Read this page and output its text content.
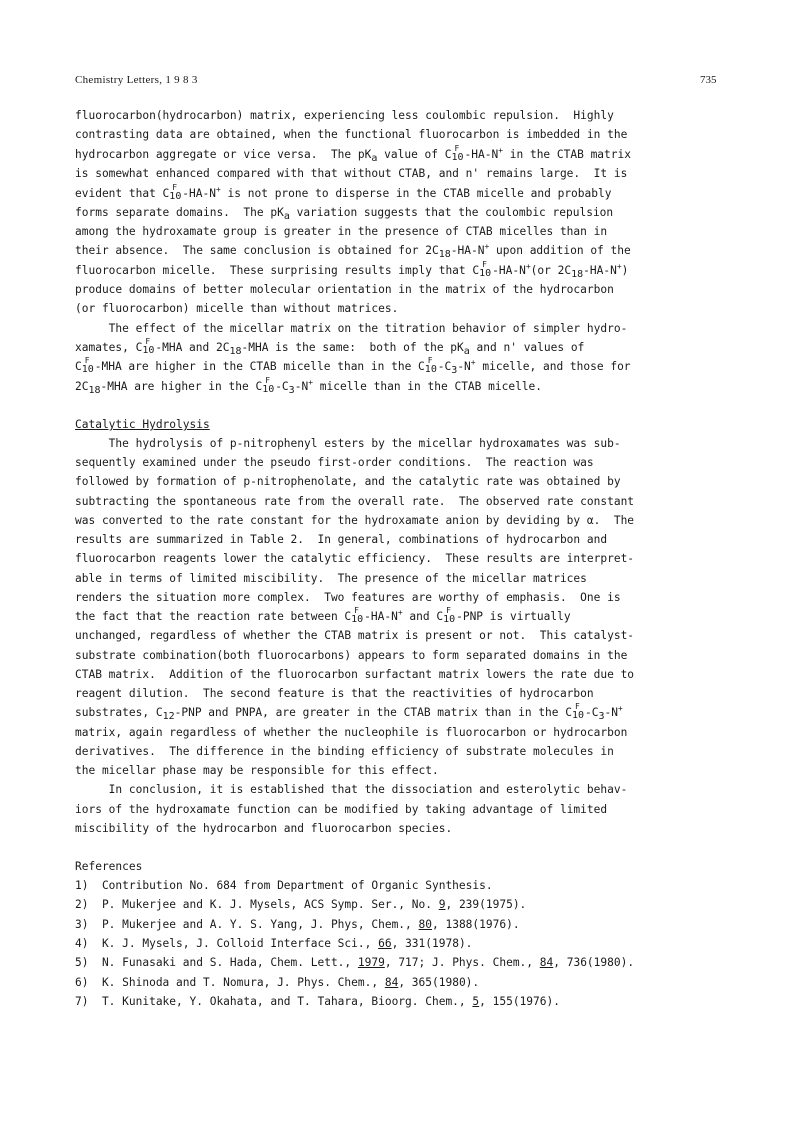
Chemistry Letters, 1 9 8 3	735
fluorocarbon(hydrocarbon) matrix, experiencing less coulombic repulsion.  Highly
contrasting data are obtained, when the functional fluorocarbon is imbedded in the
hydrocarbon aggregate or vice versa.  The pKa value of C F
10 -HA-N+ in the CTAB matrix
is somewhat enhanced compared with that without CTAB, and n' remains large.  It is
evident that C F
10 -HA-N+ is not prone to disperse in the CTAB micelle and probably
forms separate domains.  The pKa variation suggests that the coulombic repulsion
among the hydroxamate group is greater in the presence of CTAB micelles than in
their absence.  The same conclusion is obtained for 2C18-HA-N+ upon addition of the
fluorocarbon micelle.  These surprising results imply that C F
10 -HA-N+(or 2C18-HA-N+)
produce domains of better molecular orientation in the matrix of the hydrocarbon
(or fluorocarbon) micelle than without matrices.
The effect of the micellar matrix on the titration behavior of simpler hydro-
xamates, C F
10 -MHA and 2C18-MHA is the same:  both of the pKa and n' values of
C F
10 -MHA are higher in the CTAB micelle than in the C F
10 -C3-N+ micelle, and those for
2C18-MHA are higher in the C F
10 -C3-N+ micelle than in the CTAB micelle.
Catalytic Hydrolysis
The hydrolysis of p-nitrophenyl esters by the micellar hydroxamates was sub-
sequently examined under the pseudo first-order conditions.  The reaction was
followed by formation of p-nitrophenolate, and the catalytic rate was obtained by
subtracting the spontaneous rate from the overall rate.  The observed rate constant
was converted to the rate constant for the hydroxamate anion by deviding by α.  The
results are summarized in Table 2.  In general, combinations of hydrocarbon and
fluorocarbon reagents lower the catalytic efficiency.  These results are interpret-
able in terms of limited miscibility.  The presence of the micellar matrices
renders the situation more complex.  Two features are worthy of emphasis.  One is
the fact that the reaction rate between C F
10 -HA-N+ and C F
10 -PNP is virtually
unchanged, regardless of whether the CTAB matrix is present or not.  This catalyst-
substrate combination(both fluorocarbons) appears to form separated domains in the
CTAB matrix.  Addition of the fluorocarbon surfactant matrix lowers the rate due to
reagent dilution.  The second feature is that the reactivities of hydrocarbon
substrates, C12-PNP and PNPA, are greater in the CTAB matrix than in the C F
10 -C3-N+
matrix, again regardless of whether the nucleophile is fluorocarbon or hydrocarbon
derivatives.  The difference in the binding efficiency of substrate molecules in
the micellar phase may be responsible for this effect.
In conclusion, it is established that the dissociation and esterolytic behav-
iors of the hydroxamate function can be modified by taking advantage of limited
miscibility of the hydrocarbon and fluorocarbon species.
References
1)  Contribution No. 684 from Department of Organic Synthesis.
2)  P. Mukerjee and K. J. Mysels, ACS Symp. Ser., No. 9, 239(1975).
3)  P. Mukerjee and A. Y. S. Yang, J. Phys, Chem., 80, 1388(1976).
4)  K. J. Mysels, J. Colloid Interface Sci., 66, 331(1978).
5)  N. Funasaki and S. Hada, Chem. Lett., 1979, 717; J. Phys. Chem., 84, 736(1980).
6)  K. Shinoda and T. Nomura, J. Phys. Chem., 84, 365(1980).
7)  T. Kunitake, Y. Okahata, and T. Tahara, Bioorg. Chem., 5, 155(1976).
